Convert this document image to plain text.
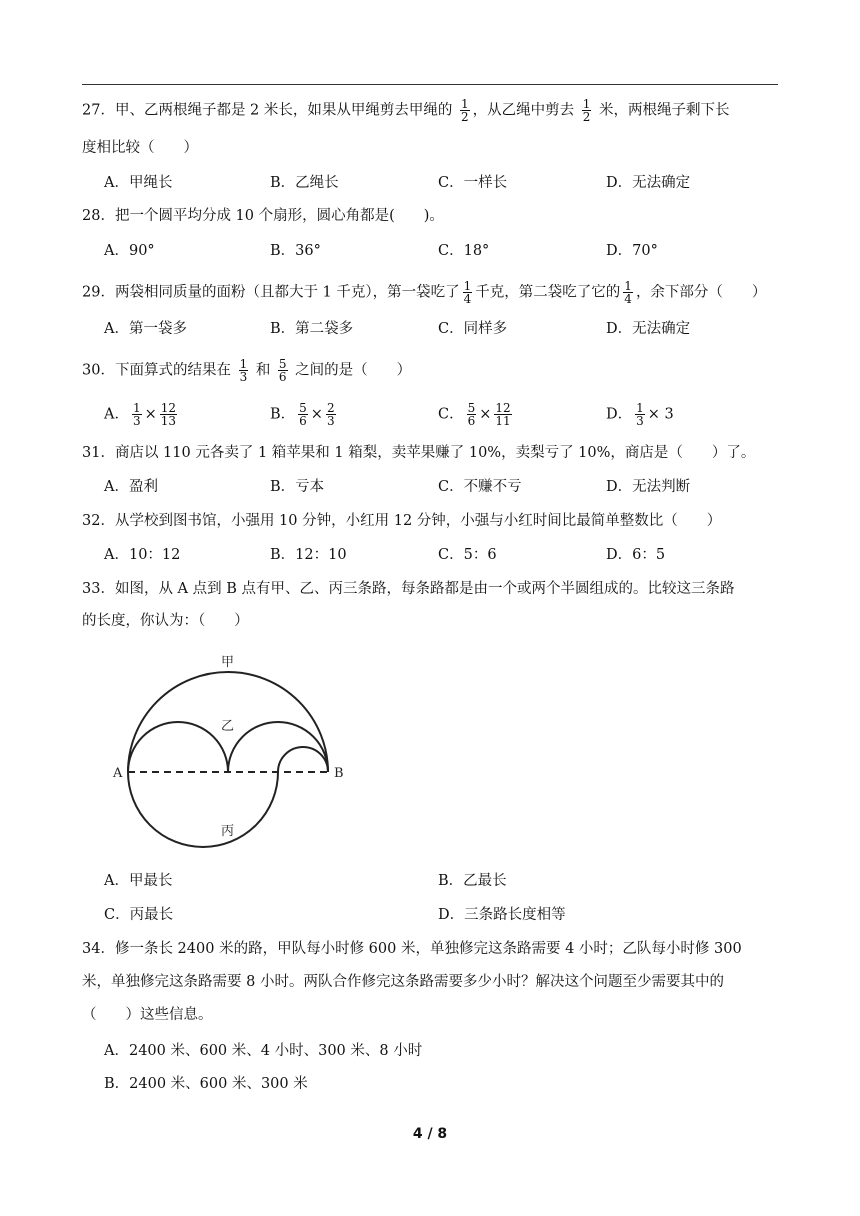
27．甲、乙两根绳子都是 2 米长，如果从甲绳剪去甲绳的 $\frac{1}{2}$ ，从乙绳中剪去 $\frac{1}{2}$ 米，两根绳子剩下长
度相比较（　　）
A．甲绳长	B．乙绳长	C．一样长	D．无法确定
28．把一个圆平均分成 10 个扇形，圆心角都是(　　)。
A．90°	B．36°	C．18°	D．70°
29．两袋相同质量的面粉（且都大于 1 千克），第一袋吃了 $\frac{1}{4}$ 千克，第二袋吃了它的 $\frac{1}{4}$ ，余下部分（　　）
A．第一袋多	B．第二袋多	C．同样多	D．无法确定
30．下面算式的结果在 $\frac{1}{3}$ 和 $\frac{5}{6}$ 之间的是（　　）
A． $\frac{1}{3} \times \frac{12}{13}$	B． $\frac{5}{6} \times \frac{2}{3}$	C． $\frac{5}{6} \times \frac{12}{11}$	D． $\frac{1}{3} \times 3$
31．商店以 110 元各卖了 1 箱苹果和 1 箱梨，卖苹果赚了 10%，卖梨亏了 10%，商店是（　　）了。
A．盈利	B．亏本	C．不赚不亏	D．无法判断
32．从学校到图书馆，小强用 10 分钟，小红用 12 分钟，小强与小红时间比最简单整数比（　　）
A．10：12	B．12：10	C．5：6	D．6：5
33．如图，从 A 点到 B 点有甲、乙、丙三条路，每条路都是由一个或两个半圆组成的。比较这三条路
的长度，你认为：（　　）
甲
乙
丙
A	B
A．甲最长	B．乙最长
C．丙最长	D．三条路长度相等
34．修一条长 2400 米的路，甲队每小时修 600 米，单独修完这条路需要 4 小时；乙队每小时修 300
米，单独修完这条路需要 8 小时。两队合作修完这条路需要多少小时？解决这个问题至少需要其中的
（　　）这些信息。
A．2400 米、600 米、4 小时、300 米、8 小时
B．2400 米、600 米、300 米
4 / 8
